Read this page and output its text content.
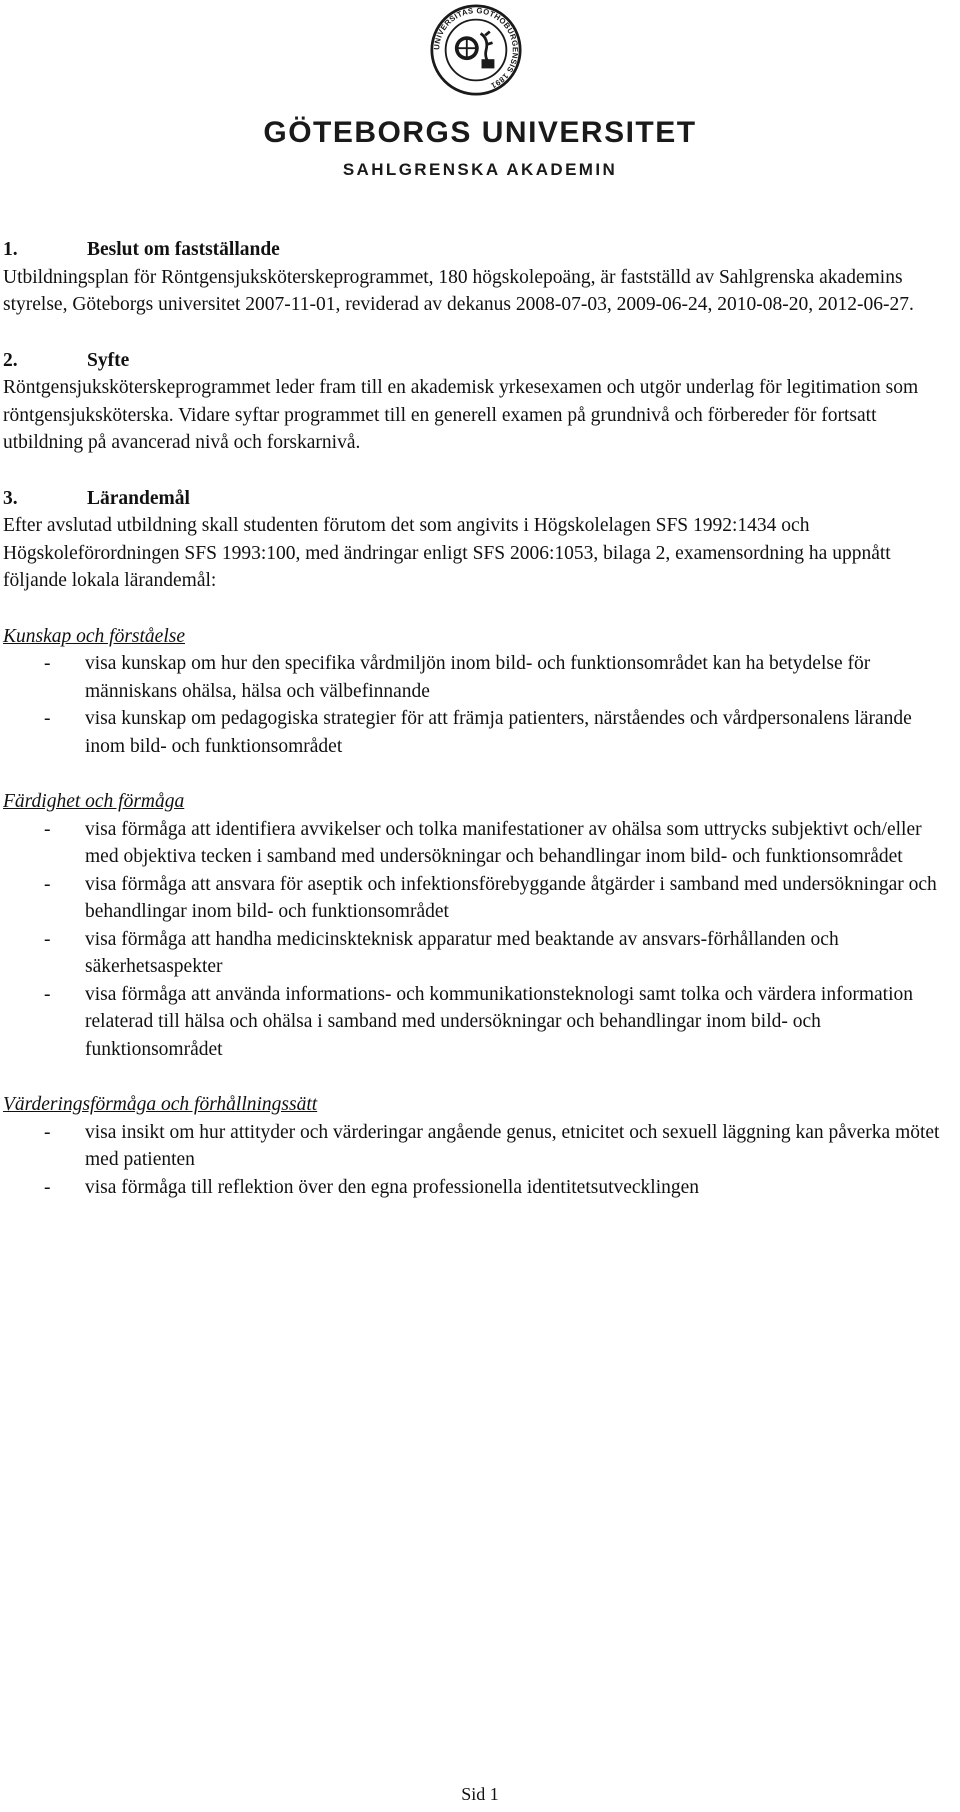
UNIVERSITAS GOTHOBURGENSIS 1891
GÖTEBORGS UNIVERSITET
SAHLGRENSKA AKADEMIN
1.	Beslut om fastställande

Utbildningsplan för Röntgensjuksköterskeprogrammet, 180 högskolepoäng, är fastställd av Sahlgrenska akademins styrelse, Göteborgs universitet 2007-11-01, reviderad av dekanus 2008-07-03, 2009-06-24, 2010-08-20, 2012-06-27.

2.	Syfte

Röntgensjuksköterskeprogrammet leder fram till en akademisk yrkesexamen och utgör underlag för legitimation som röntgensjuksköterska. Vidare syftar programmet till en generell examen på grundnivå och förbereder för fortsatt utbildning på avancerad nivå och forskarnivå.

3.	Lärandemål

Efter avslutad utbildning skall studenten förutom det som angivits i Högskolelagen SFS 1992:1434 och Högskoleförordningen SFS 1993:100, med ändringar enligt SFS 2006:1053, bilaga 2, examensordning ha uppnått följande lokala lärandemål:

Kunskap och förståelse
- visa kunskap om hur den specifika vårdmiljön inom bild- och funktionsområdet kan ha betydelse för människans ohälsa, hälsa och välbefinnande
- visa kunskap om pedagogiska strategier för att främja patienters, närståendes och vårdpersonalens lärande inom bild- och funktionsområdet
Färdighet och förmåga
- visa förmåga att identifiera avvikelser och tolka manifestationer av ohälsa som uttrycks subjektivt och/eller med objektiva tecken i samband med undersökningar och behandlingar inom bild- och funktionsområdet
- visa förmåga att ansvara för aseptik och infektionsförebyggande åtgärder i samband med undersökningar och behandlingar inom bild- och funktionsområdet
- visa förmåga att handha medicinskteknisk apparatur med beaktande av ansvars-förhållanden och säkerhetsaspekter
- visa förmåga att använda informations- och kommunikationsteknologi samt tolka och värdera information relaterad till hälsa och ohälsa i samband med undersökningar och behandlingar inom bild- och funktionsområdet
Värderingsförmåga och förhållningssätt
- visa insikt om hur attityder och värderingar angående genus, etnicitet och sexuell läggning kan påverka mötet med patienten
- visa förmåga till reflektion över den egna professionella identitetsutvecklingen
Sid 1
